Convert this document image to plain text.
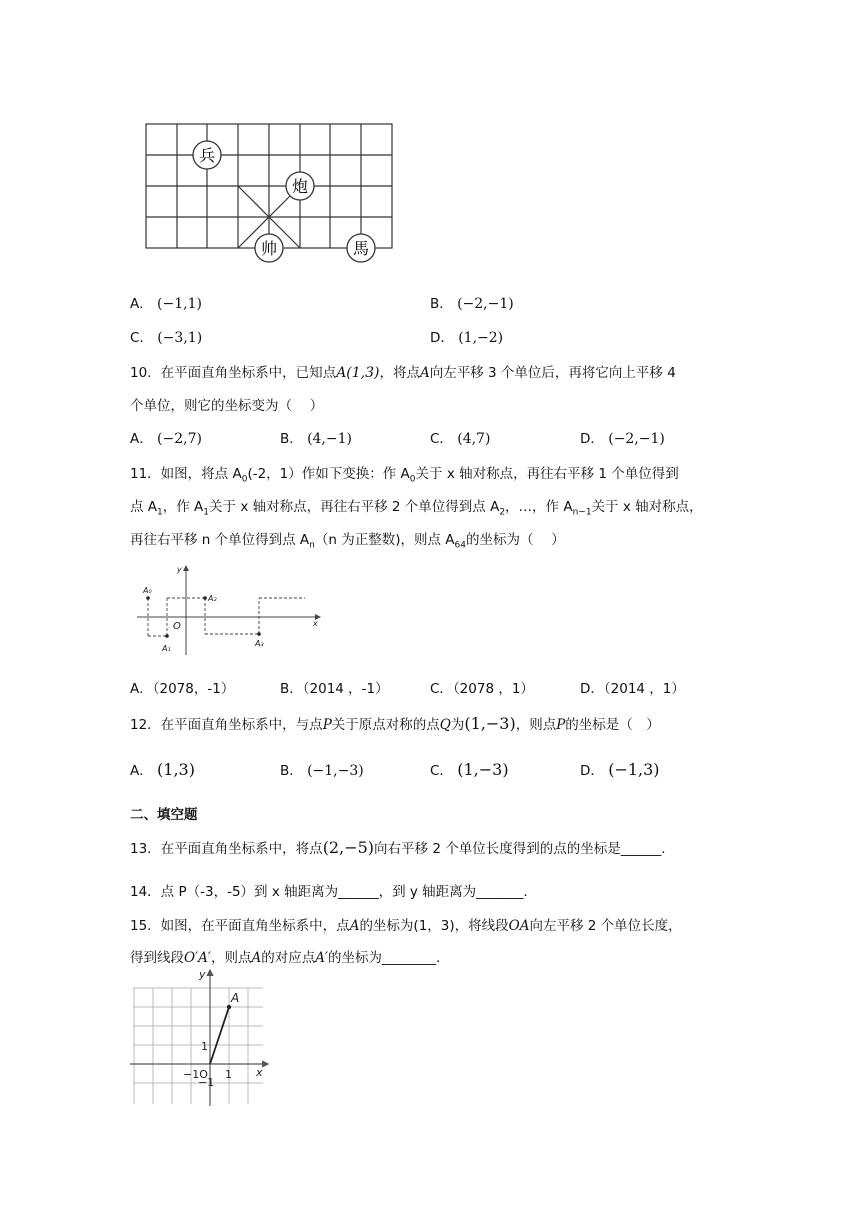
兵
炮
帅	馬
A． (−1,1)	B． (−2,−1)
C． (−3,1)	D． (1,−2)
10．在平面直角坐标系中，已知点A(1,3)，将点A向左平移 3 个单位后，再将它向上平移 4
个单位，则它的坐标变为（　 ）
A． (−2,7)	B． (4,−1)	C． (4,7)	D． (−2,−1)
11．如图，将点 $A_0(-2$，1）作如下变换：作 $A_0$关于 x 轴对称点，再往右平移 1 个单位得到
点 $A_1$，作 $A_1$关于 x 轴对称点，再往右平移 2 个单位得到点 $A_2$，…，作 $A_{n-1}$关于 x 轴对称点，
再往右平移 n 个单位得到点 $A_n(n$ 为正整数)，则点 $A_{64}$的坐标为（　 ）
y
x
O
A₀
A₁
A₂
A₃
A．（2078，-1）	B．（2014 ，-1）	C．（2078 ，1）	D．（2014 ，1）
12．在平面直角坐标系中，与点P关于原点对称的点Q为(1,−3)，则点P的坐标是（　）
A． (1,3)	B． (−1,−3)	C． (1,−3)	D． (−1,3)
二、填空题
13．在平面直角坐标系中，将点(2,−5)向右平移 2 个单位长度得到的点的坐标是______.
14．点 P（-3，-5）到 x 轴距离为______，到 y 轴距离为_______.
15．如图，在平面直角坐标系中，点A的坐标为(1，3)，将线段OA向左平移 2 个单位长度，
得到线段O′A′，则点A的对应点A′的坐标为________.
y
x
A
1
1
−1O
−1
